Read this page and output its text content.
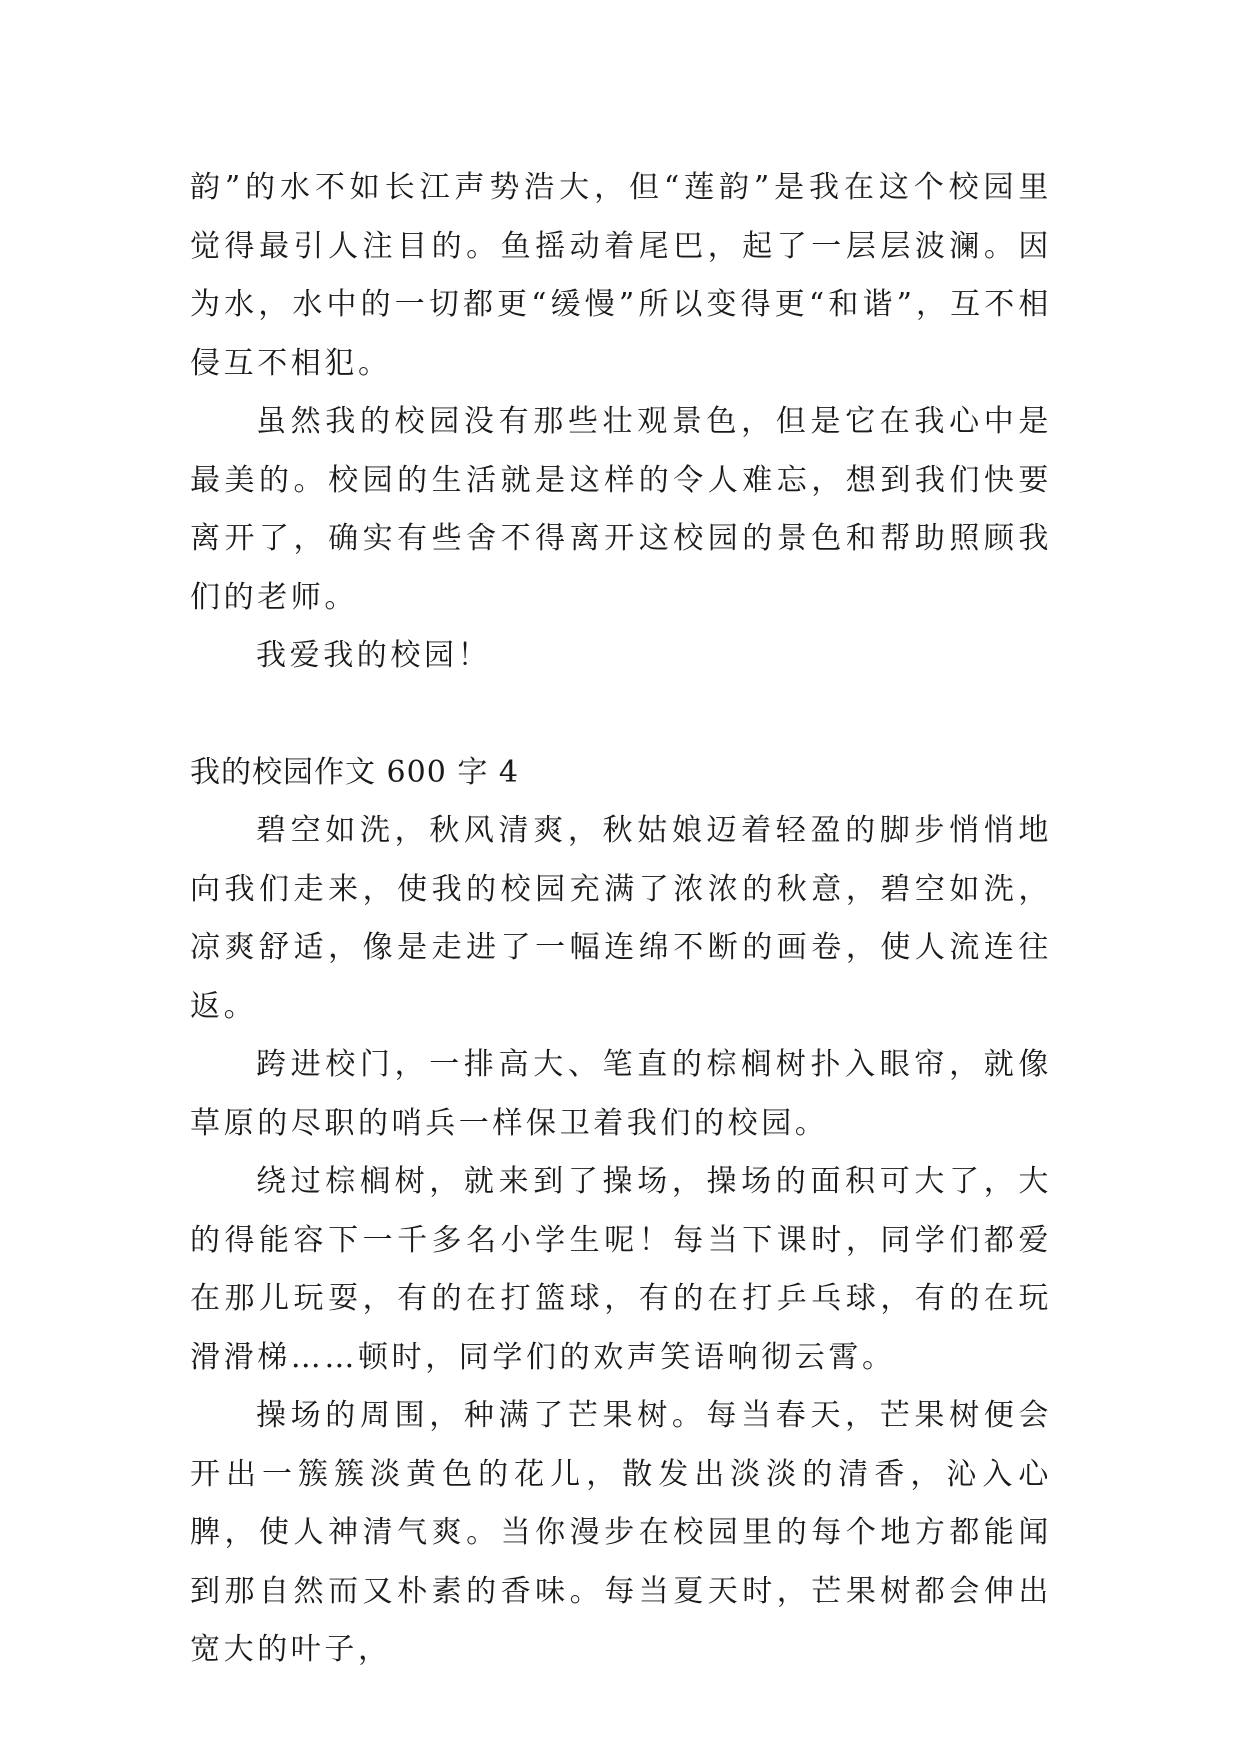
韵”的水不如长江声势浩大，但“莲韵”是我在这个校园里觉得最引人注目的。鱼摇动着尾巴，起了一层层波澜。因为水，水中的一切都更“缓慢”所以变得更“和谐”，互不相侵互不相犯。

虽然我的校园没有那些壮观景色，但是它在我心中是最美的。校园的生活就是这样的令人难忘，想到我们快要离开了，确实有些舍不得离开这校园的景色和帮助照顾我们的老师。

我爱我的校园！

我的校园作文 600 字 4

碧空如洗，秋风清爽，秋姑娘迈着轻盈的脚步悄悄地向我们走来，使我的校园充满了浓浓的秋意，碧空如洗，凉爽舒适，像是走进了一幅连绵不断的画卷，使人流连往返。

跨进校门，一排高大、笔直的棕榈树扑入眼帘，就像草原的尽职的哨兵一样保卫着我们的校园。

绕过棕榈树，就来到了操场，操场的面积可大了，大的得能容下一千多名小学生呢！每当下课时，同学们都爱在那儿玩耍，有的在打篮球，有的在打乒乓球，有的在玩滑滑梯……顿时，同学们的欢声笑语响彻云霄。

操场的周围，种满了芒果树。每当春天，芒果树便会开出一簇簇淡黄色的花儿，散发出淡淡的清香，沁入心脾，使人神清气爽。当你漫步在校园里的每个地方都能闻到那自然而又朴素的香味。每当夏天时，芒果树都会伸出宽大的叶子，
